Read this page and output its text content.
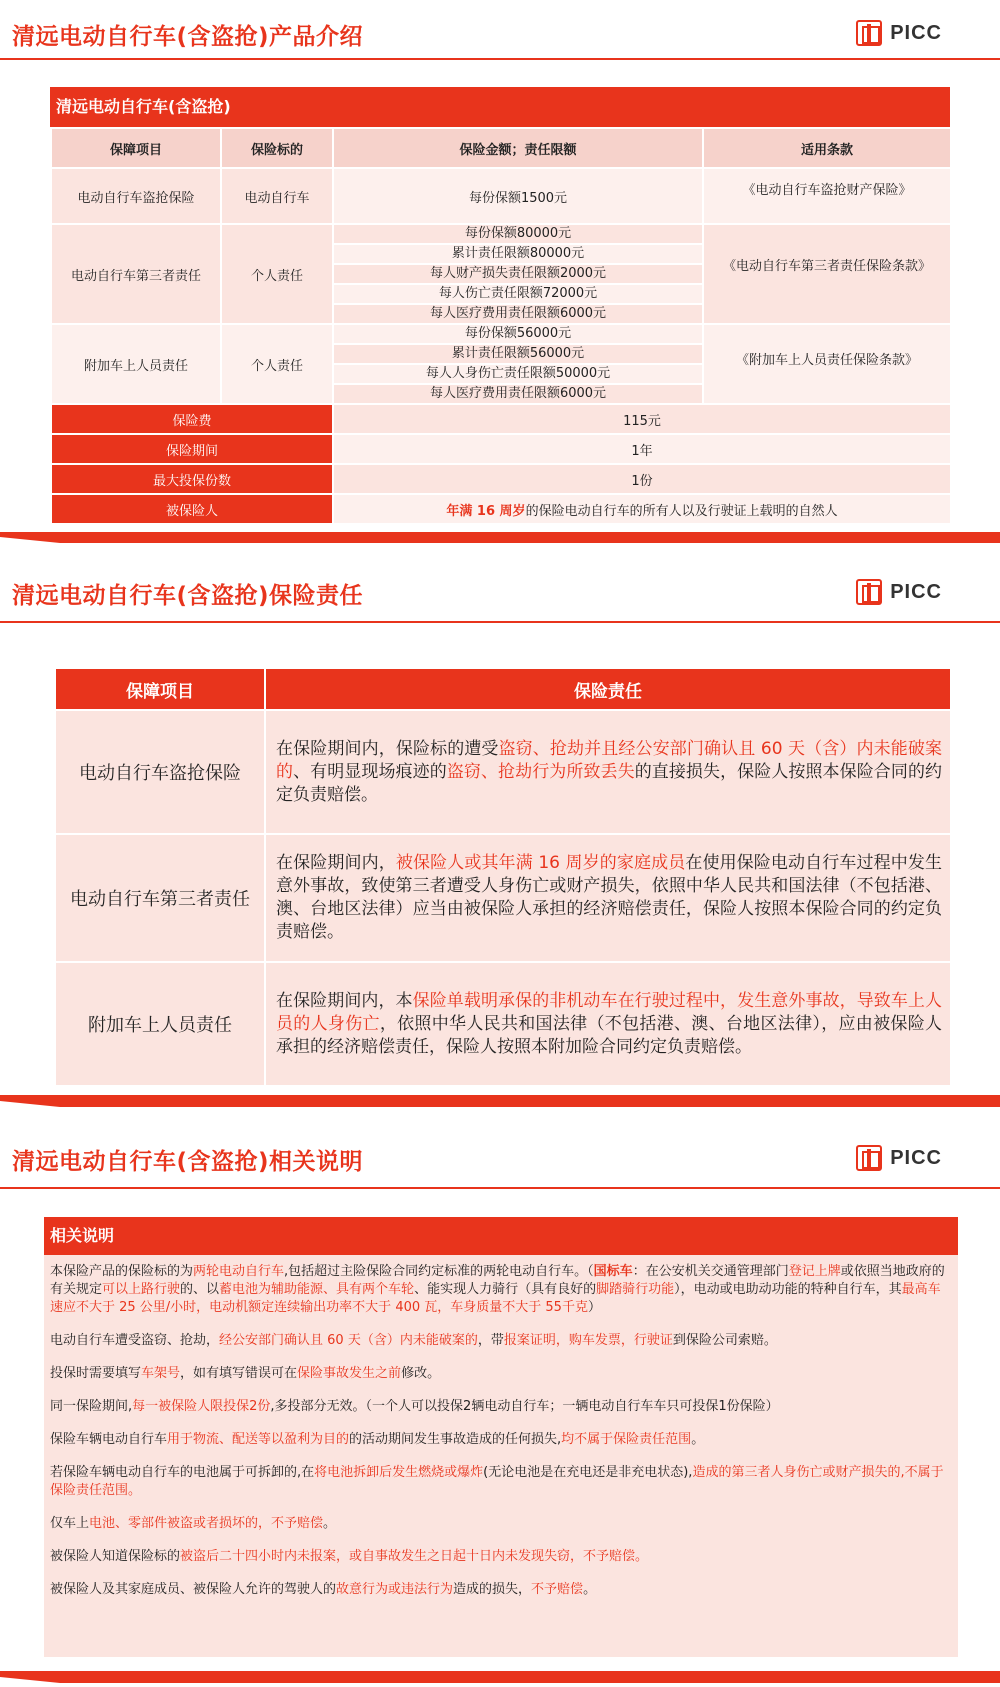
清远电动自行车(含盗抢)产品介绍	PICC
清远电动自行车(含盗抢)
保障项目	保险标的	保险金额；责任限额	适用条款
电动自行车盗抢保险	电动自行车	每份保额1500元	《电动自行车盗抢财产保险》
电动自行车第三者责任	个人责任	每份保额80000元	《电动自行车第三者责任保险条款》
		累计责任限额80000元	
		每人财产损失责任限额2000元	
		每人伤亡责任限额72000元	
		每人医疗费用责任限额6000元	
附加车上人员责任	个人责任	每份保额56000元	《附加车上人员责任保险条款》
		累计责任限额56000元	
		每人人身伤亡责任限额50000元	
		每人医疗费用责任限额6000元	
保险费		115元	
保险期间		1年	
最大投保份数		1份	
被保险人		年满 16 周岁的保险电动自行车的所有人以及行驶证上载明的自然人	
清远电动自行车(含盗抢)保险责任	PICC
保障项目	保险责任
电动自行车盗抢保险	在保险期间内，保险标的遭受盗窃、抢劫并且经公安部门确认且 60 天（含）内未能破案的、有明显现场痕迹的盗窃、抢劫行为所致丢失的直接损失，保险人按照本保险合同的约定负责赔偿。
电动自行车第三者责任	在保险期间内，被保险人或其年满 16 周岁的家庭成员在使用保险电动自行车过程中发生意外事故，致使第三者遭受人身伤亡或财产损失，依照中华人民共和国法律（不包括港、澳、台地区法律）应当由被保险人承担的经济赔偿责任，保险人按照本保险合同的约定负责赔偿。
附加车上人员责任	在保险期间内，本保险单载明承保的非机动车在行驶过程中，发生意外事故，导致车上人员的人身伤亡，依照中华人民共和国法律（不包括港、澳、台地区法律），应由被保险人承担的经济赔偿责任，保险人按照本附加险合同约定负责赔偿。
清远电动自行车(含盗抢)相关说明	PICC
相关说明

本保险产品的保险标的为两轮电动自行车,包括超过主险保险合同约定标准的两轮电动自行车。（国标车：在公安机关交通管理部门登记上牌或依照当地政府的有关规定可以上路行驶的、以蓄电池为辅助能源、具有两个车轮、能实现人力骑行（具有良好的脚踏骑行功能），电动或电助动功能的特种自行车，其最高车速应不大于 25 公里/小时，电动机额定连续输出功率不大于 400 瓦，车身质量不大于 55千克）

电动自行车遭受盗窃、抢劫，经公安部门确认且 60 天（含）内未能破案的，带报案证明，购车发票，行驶证到保险公司索赔。

投保时需要填写车架号，如有填写错误可在保险事故发生之前修改。

同一保险期间,每一被保险人限投保2份,多投部分无效。（一个人可以投保2辆电动自行车；一辆电动自行车车只可投保1份保险）

保险车辆电动自行车用于物流、配送等以盈利为目的的活动期间发生事故造成的任何损失,均不属于保险责任范围。

若保险车辆电动自行车的电池属于可拆卸的,在将电池拆卸后发生燃烧或爆炸(无论电池是在充电还是非充电状态),造成的第三者人身伤亡或财产损失的,不属于保险责任范围。

仅车上电池、零部件被盗或者损坏的，不予赔偿。

被保险人知道保险标的被盗后二十四小时内未报案，或自事故发生之日起十日内未发现失窃，不予赔偿。

被保险人及其家庭成员、被保险人允许的驾驶人的故意行为或违法行为造成的损失，不予赔偿。
